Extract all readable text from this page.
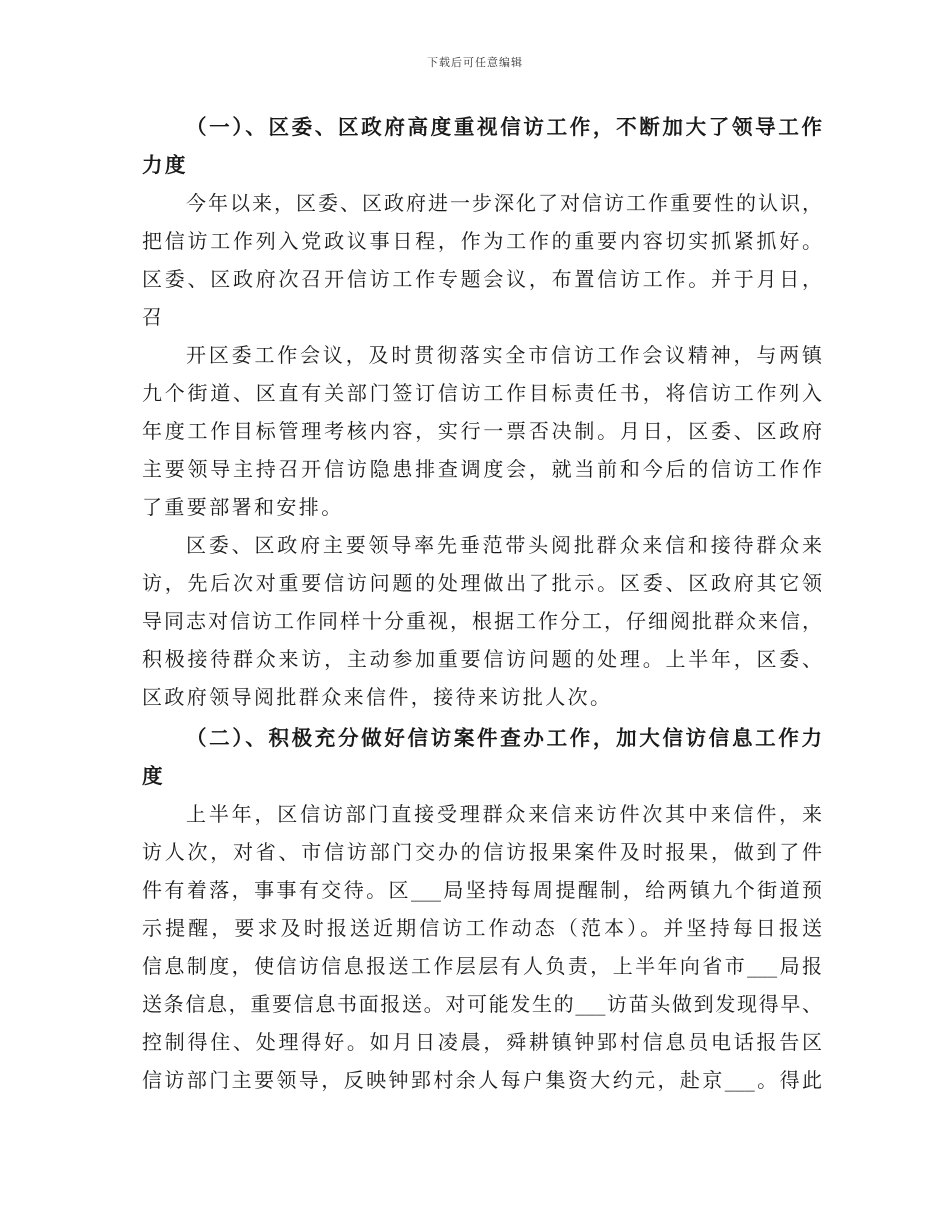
下载后可任意编辑
（一）、区委、区政府高度重视信访工作，不断加大了领导工作
力度
今年以来，区委、区政府进一步深化了对信访工作重要性的认识，
把信访工作列入党政议事日程，作为工作的重要内容切实抓紧抓好。
区委、区政府次召开信访工作专题会议，布置信访工作。并于月日，
召
开区委工作会议，及时贯彻落实全市信访工作会议精神，与两镇
九个街道、区直有关部门签订信访工作目标责任书，将信访工作列入
年度工作目标管理考核内容，实行一票否决制。月日，区委、区政府
主要领导主持召开信访隐患排查调度会，就当前和今后的信访工作作
了重要部署和安排。
区委、区政府主要领导率先垂范带头阅批群众来信和接待群众来
访，先后次对重要信访问题的处理做出了批示。区委、区政府其它领
导同志对信访工作同样十分重视，根据工作分工，仔细阅批群众来信，
积极接待群众来访，主动参加重要信访问题的处理。上半年，区委、
区政府领导阅批群众来信件，接待来访批人次。
（二）、积极充分做好信访案件查办工作，加大信访信息工作力
度
上半年，区信访部门直接受理群众来信来访件次其中来信件，来
访人次，对省、市信访部门交办的信访报果案件及时报果，做到了件
件有着落，事事有交待。区___局坚持每周提醒制，给两镇九个街道预
示提醒，要求及时报送近期信访工作动态（范本）。并坚持每日报送
信息制度，使信访信息报送工作层层有人负责，上半年向省市___局报
送条信息，重要信息书面报送。对可能发生的___访苗头做到发现得早、
控制得住、处理得好。如月日凌晨，舜耕镇钟郢村信息员电话报告区
信访部门主要领导，反映钟郢村余人每户集资大约元，赴京___。得此
